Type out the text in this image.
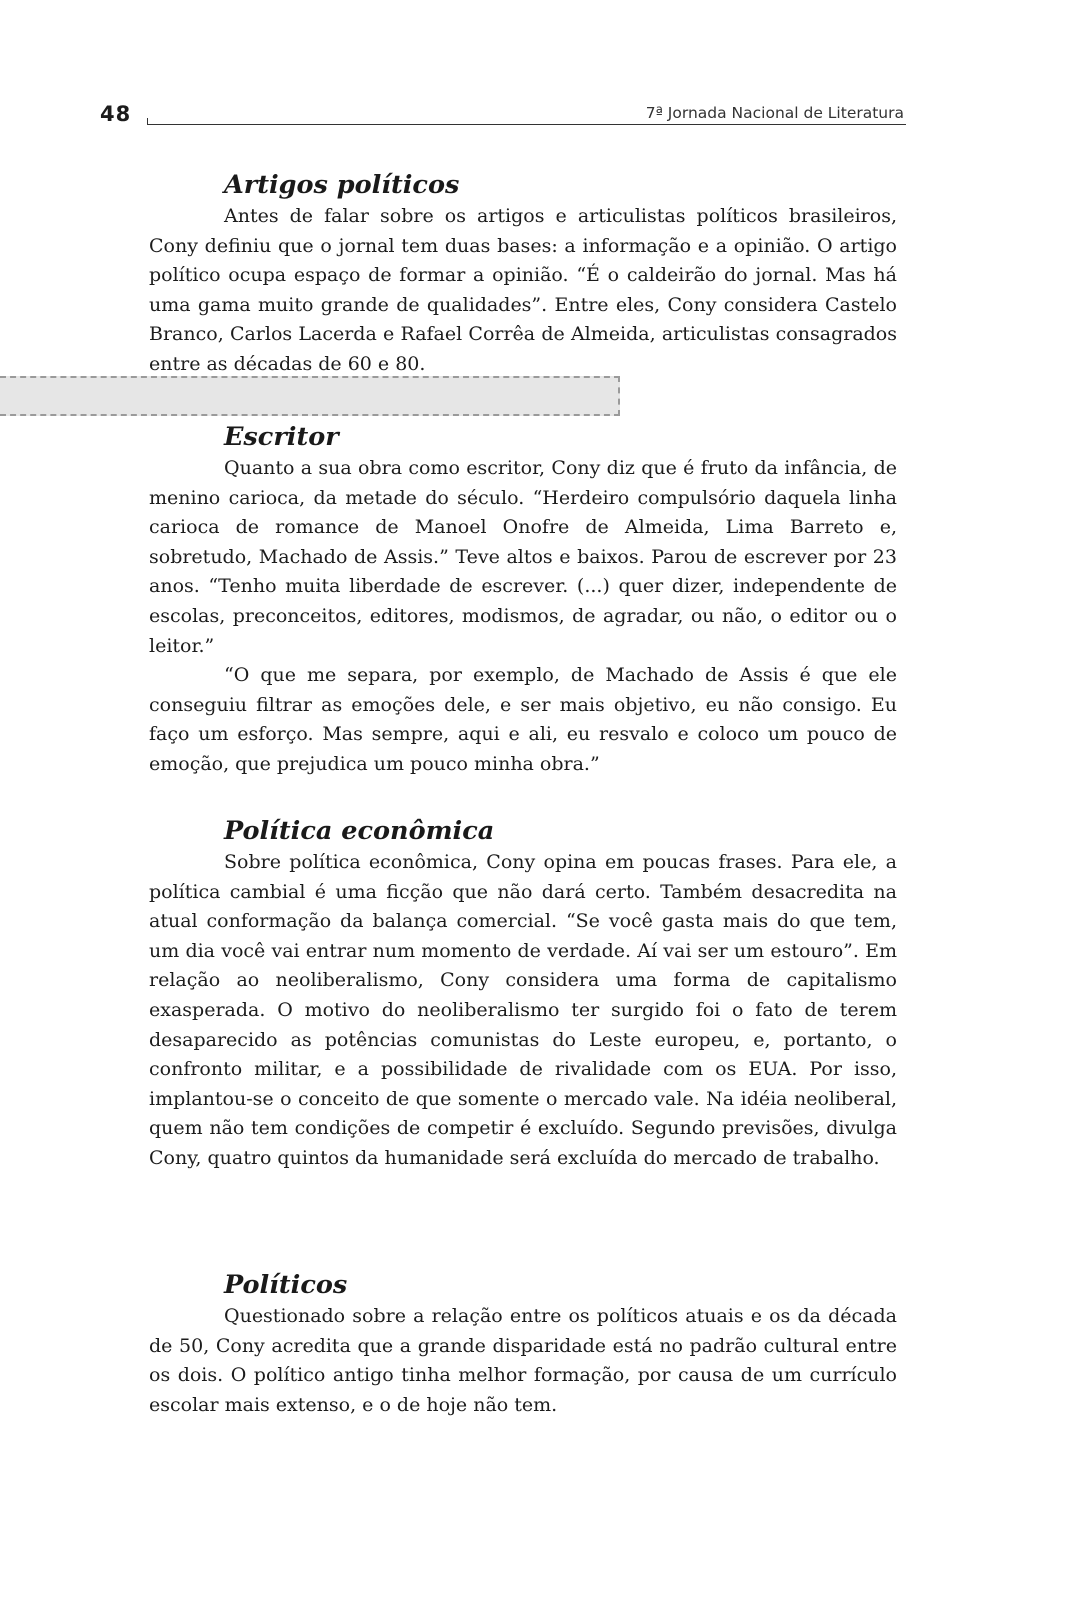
48	7ª Jornada Nacional de Literatura
Artigos políticos

Antes de falar sobre os artigos e articulistas políticos brasileiros, Cony definiu que o jornal tem duas bases: a informação e a opinião. O artigo político ocupa espaço de formar a opinião. “É o caldeirão do jornal. Mas há uma gama muito grande de qualidades”. Entre eles, Cony considera Castelo Branco, Carlos Lacerda e Rafael Corrêa de Almeida, articulistas consagrados entre as décadas de 60 e 80.

Escritor

Quanto a sua obra como escritor, Cony diz que é fruto da infância, de menino carioca, da metade do século. “Herdeiro compulsório daquela linha carioca de romance de Manoel Onofre de Almeida, Lima Barreto e, sobretudo, Machado de Assis.” Teve altos e baixos. Parou de escrever por 23 anos. “Tenho muita liberdade de escrever. (...) quer dizer, independente de escolas, preconceitos, editores, modismos, de agradar, ou não, o editor ou o leitor.”

“O que me separa, por exemplo, de Machado de Assis é que ele conseguiu filtrar as emoções dele, e ser mais objetivo, eu não consigo. Eu faço um esforço. Mas sempre, aqui e ali, eu resvalo e coloco um pouco de emoção, que prejudica um pouco minha obra.”

Política econômica

Sobre política econômica, Cony opina em poucas frases. Para ele, a política cambial é uma ficção que não dará certo. Também desacredita na atual conformação da balança comercial. “Se você gasta mais do que tem, um dia você vai entrar num momento de verdade. Aí vai ser um estouro”. Em relação ao neoliberalismo, Cony considera uma forma de capitalismo exasperada. O motivo do neoliberalismo ter surgido foi o fato de terem desaparecido as potências comunistas do Leste europeu, e, portanto, o confronto militar, e a possibilidade de rivalidade com os EUA. Por isso, implantou-se o conceito de que somente o mercado vale. Na idéia neoliberal, quem não tem condições de competir é excluído. Segundo previsões, divulga Cony, quatro quintos da humanidade será excluída do mercado de trabalho.

Políticos

Questionado sobre a relação entre os políticos atuais e os da década de 50, Cony acredita que a grande disparidade está no padrão cultural entre os dois. O político antigo tinha melhor formação, por causa de um currículo escolar mais extenso, e o de hoje não tem.
